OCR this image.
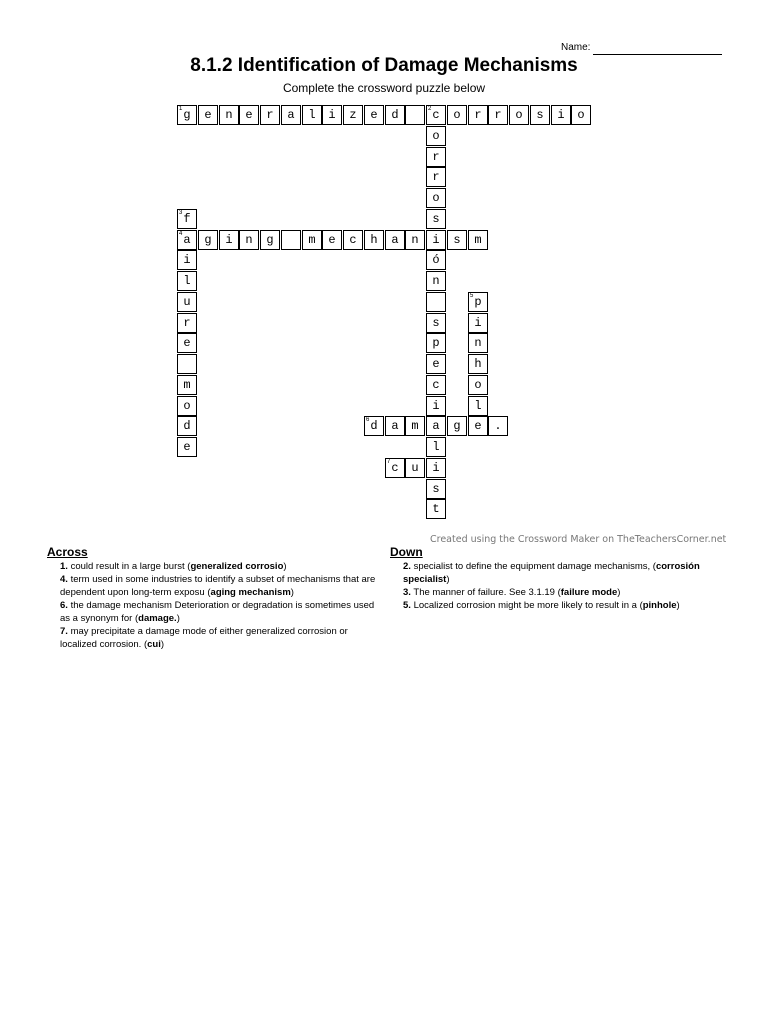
Name:
8.1.2 Identification of Damage Mechanisms
Complete the crossword puzzle below
g
1 e n e r a l i z e d	c
2 o r r o s i o
o
r
r
o
s
i
ó
n
s
p
e
c
i
a
l
i
s
t
f
3
a
4
i
l
u
r
e
m
o
d
e
g i n g	m e c h a n	s m
p
5
i
n
h
o
l
d
6 a m	g e .
c
7 u
Created using the Crossword Maker on TheTeachersCorner.net
Across
1. could result in a large burst (generalized corrosio)
4. term used in some industries to identify a subset of mechanisms that are dependent upon long-term exposu (aging mechanism)
6. the damage mechanism Deterioration or degradation is sometimes used as a synonym for (damage.)
7. may precipitate a damage mode of either generalized corrosion or localized corrosion. (cui)
Down
2. specialist to define the equipment damage mechanisms, (corrosión specialist)
3. The manner of failure. See 3.1.19 (failure mode)
5. Localized corrosion might be more likely to result in a (pinhole)
